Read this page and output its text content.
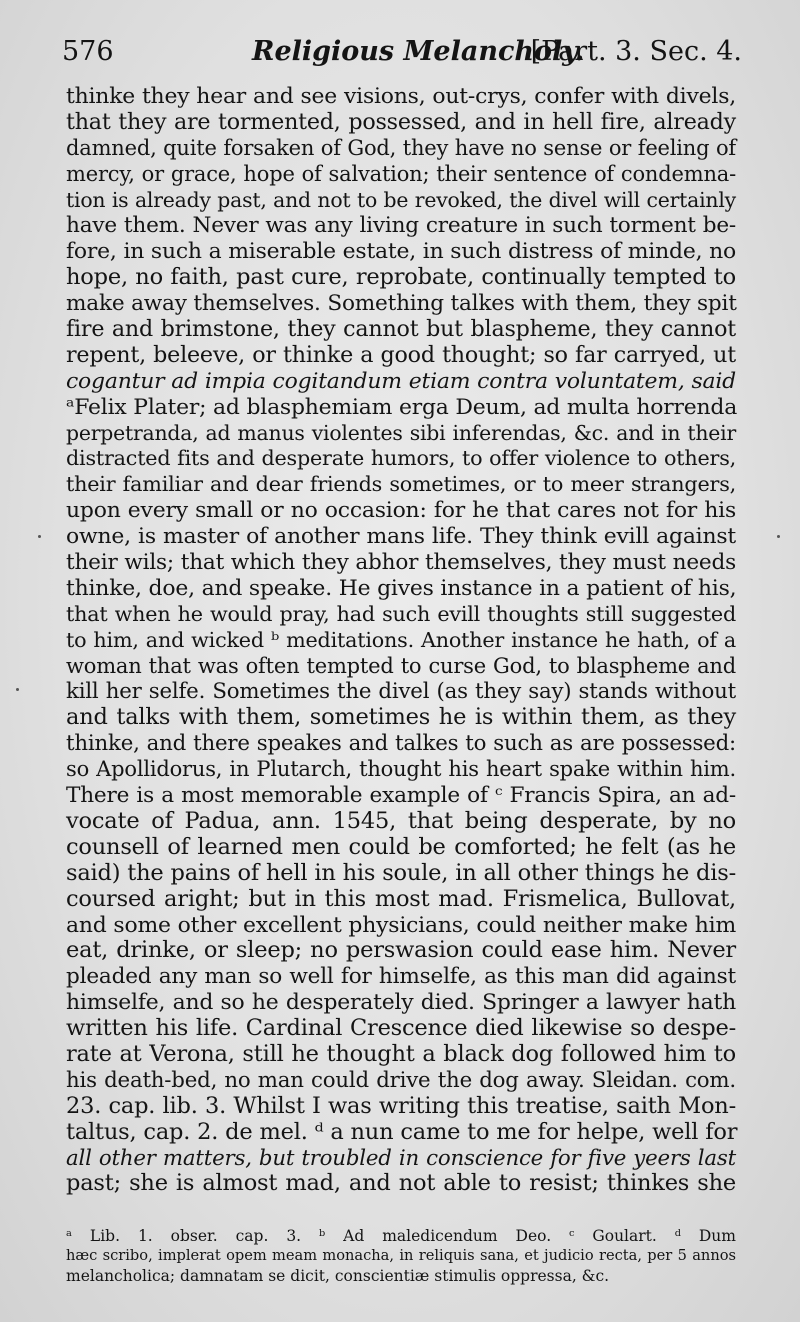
576	Religious Melancholy.
[Part. 3. Sec. 4.
thinke they hear and see visions, out-crys, confer with divels,
that they are tormented, possessed, and in hell fire, already
damned, quite forsaken of God, they have no sense or feeling of
mercy, or grace, hope of salvation; their sentence of condemna-
tion is already past, and not to be revoked, the divel will certainly
have them. Never was any living creature in such torment be-
fore, in such a miserable estate, in such distress of minde, no
hope, no faith, past cure, reprobate, continually tempted to
make away themselves. Something talkes with them, they spit
fire and brimstone, they cannot but blaspheme, they cannot
repent, beleeve, or thinke a good thought; so far carryed, ut
cogantur ad impia cogitandum etiam contra voluntatem, said
ᵃFelix Plater; ad blasphemiam erga Deum, ad multa horrenda
perpetranda, ad manus violentes sibi inferendas, &c. and in their
distracted fits and desperate humors, to offer violence to others,
their familiar and dear friends sometimes, or to meer strangers,
upon every small or no occasion: for he that cares not for his
owne, is master of another mans life. They think evill against
their wils; that which they abhor themselves, they must needs
thinke, doe, and speake. He gives instance in a patient of his,
that when he would pray, had such evill thoughts still suggested
to him, and wicked ᵇ meditations. Another instance he hath, of a
woman that was often tempted to curse God, to blaspheme and
kill her selfe. Sometimes the divel (as they say) stands without
and talks with them, sometimes he is within them, as they
thinke, and there speakes and talkes to such as are possessed:
so Apollidorus, in Plutarch, thought his heart spake within him.
There is a most memorable example of ᶜ Francis Spira, an ad-
vocate of Padua, ann. 1545, that being desperate, by no
counsell of learned men could be comforted; he felt (as he
said) the pains of hell in his soule, in all other things he dis-
coursed aright; but in this most mad. Frismelica, Bullovat,
and some other excellent physicians, could neither make him
eat, drinke, or sleep; no perswasion could ease him. Never
pleaded any man so well for himselfe, as this man did against
himselfe, and so he desperately died. Springer a lawyer hath
written his life. Cardinal Crescence died likewise so despe-
rate at Verona, still he thought a black dog followed him to
his death-bed, no man could drive the dog away. Sleidan. com.
23. cap. lib. 3. Whilst I was writing this treatise, saith Mon-
taltus, cap. 2. de mel. ᵈ a nun came to me for helpe, well for
all other matters, but troubled in conscience for five yeers last
past; she is almost mad, and not able to resist; thinkes she
ᵃ Lib. 1. obser. cap. 3. ᵇ Ad maledicendum Deo. ᶜ Goulart. ᵈ Dum
hæc scribo, implerat opem meam monacha, in reliquis sana, et judicio recta, per 5 annos
melancholica; damnatam se dicit, conscientiæ stimulis oppressa, &c.
